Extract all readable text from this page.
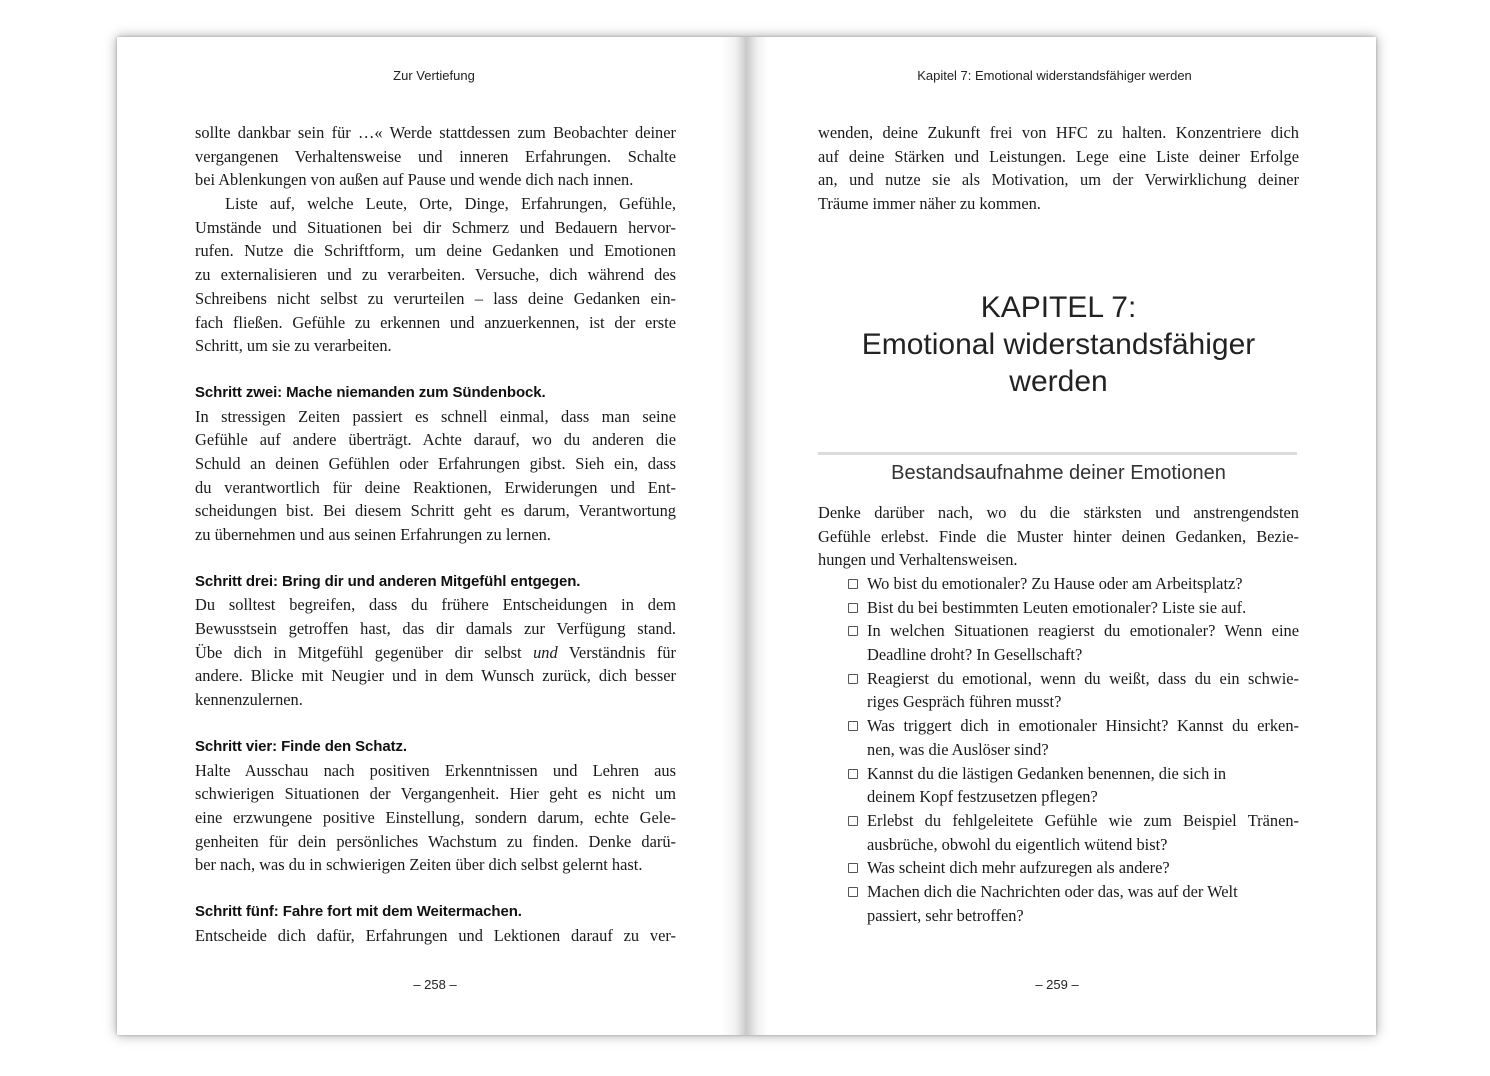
Zur Vertiefung
sollte dankbar sein für …« Werde stattdessen zum Beobachter deiner
vergangenen Verhaltensweise und inneren Erfahrungen. Schalte
bei Ablenkungen von außen auf Pause und wende dich nach innen.
Liste auf, welche Leute, Orte, Dinge, Erfahrungen, Gefühle,
Umstände und Situationen bei dir Schmerz und Bedauern hervor-
rufen. Nutze die Schriftform, um deine Gedanken und Emotionen
zu externalisieren und zu verarbeiten. Versuche, dich während des
Schreibens nicht selbst zu verurteilen – lass deine Gedanken ein-
fach fließen. Gefühle zu erkennen und anzuerkennen, ist der erste
Schritt, um sie zu verarbeiten.
Schritt zwei: Mache niemanden zum Sündenbock.
In stressigen Zeiten passiert es schnell einmal, dass man seine
Gefühle auf andere überträgt. Achte darauf, wo du anderen die
Schuld an deinen Gefühlen oder Erfahrungen gibst. Sieh ein, dass
du verantwortlich für deine Reaktionen, Erwiderungen und Ent-
scheidungen bist. Bei diesem Schritt geht es darum, Verantwortung
zu übernehmen und aus seinen Erfahrungen zu lernen.
Schritt drei: Bring dir und anderen Mitgefühl entgegen.
Du solltest begreifen, dass du frühere Entscheidungen in dem
Bewusstsein getroffen hast, das dir damals zur Verfügung stand.
Übe dich in Mitgefühl gegenüber dir selbst und Verständnis für
andere. Blicke mit Neugier und in dem Wunsch zurück, dich besser
kennenzulernen.
Schritt vier: Finde den Schatz.
Halte Ausschau nach positiven Erkenntnissen und Lehren aus
schwierigen Situationen der Vergangenheit. Hier geht es nicht um
eine erzwungene positive Einstellung, sondern darum, echte Gele-
genheiten für dein persönliches Wachstum zu finden. Denke darü-
ber nach, was du in schwierigen Zeiten über dich selbst gelernt hast.
Schritt fünf: Fahre fort mit dem Weitermachen.
Entscheide dich dafür, Erfahrungen und Lektionen darauf zu ver-
– 258 –
Kapitel 7: Emotional widerstandsfähiger werden
wenden, deine Zukunft frei von HFC zu halten. Konzentriere dich
auf deine Stärken und Leistungen. Lege eine Liste deiner Erfolge
an, und nutze sie als Motivation, um der Verwirklichung deiner
Träume immer näher zu kommen.
KAPITEL 7:
Emotional widerstandsfähiger
werden
Bestandsaufnahme deiner Emotionen
Denke darüber nach, wo du die stärksten und anstrengendsten
Gefühle erlebst. Finde die Muster hinter deinen Gedanken, Bezie-
hungen und Verhaltensweisen.
Wo bist du emotionaler? Zu Hause oder am Arbeitsplatz?
Bist du bei bestimmten Leuten emotionaler? Liste sie auf.
In welchen Situationen reagierst du emotionaler? Wenn eine
Deadline droht? In Gesellschaft?
Reagierst du emotional, wenn du weißt, dass du ein schwie-
riges Gespräch führen musst?
Was triggert dich in emotionaler Hinsicht? Kannst du erken-
nen, was die Auslöser sind?
Kannst du die lästigen Gedanken benennen, die sich in
deinem Kopf festzusetzen pflegen?
Erlebst du fehlgeleitete Gefühle wie zum Beispiel Tränen-
ausbrüche, obwohl du eigentlich wütend bist?
Was scheint dich mehr aufzuregen als andere?
Machen dich die Nachrichten oder das, was auf der Welt
passiert, sehr betroffen?
– 259 –
